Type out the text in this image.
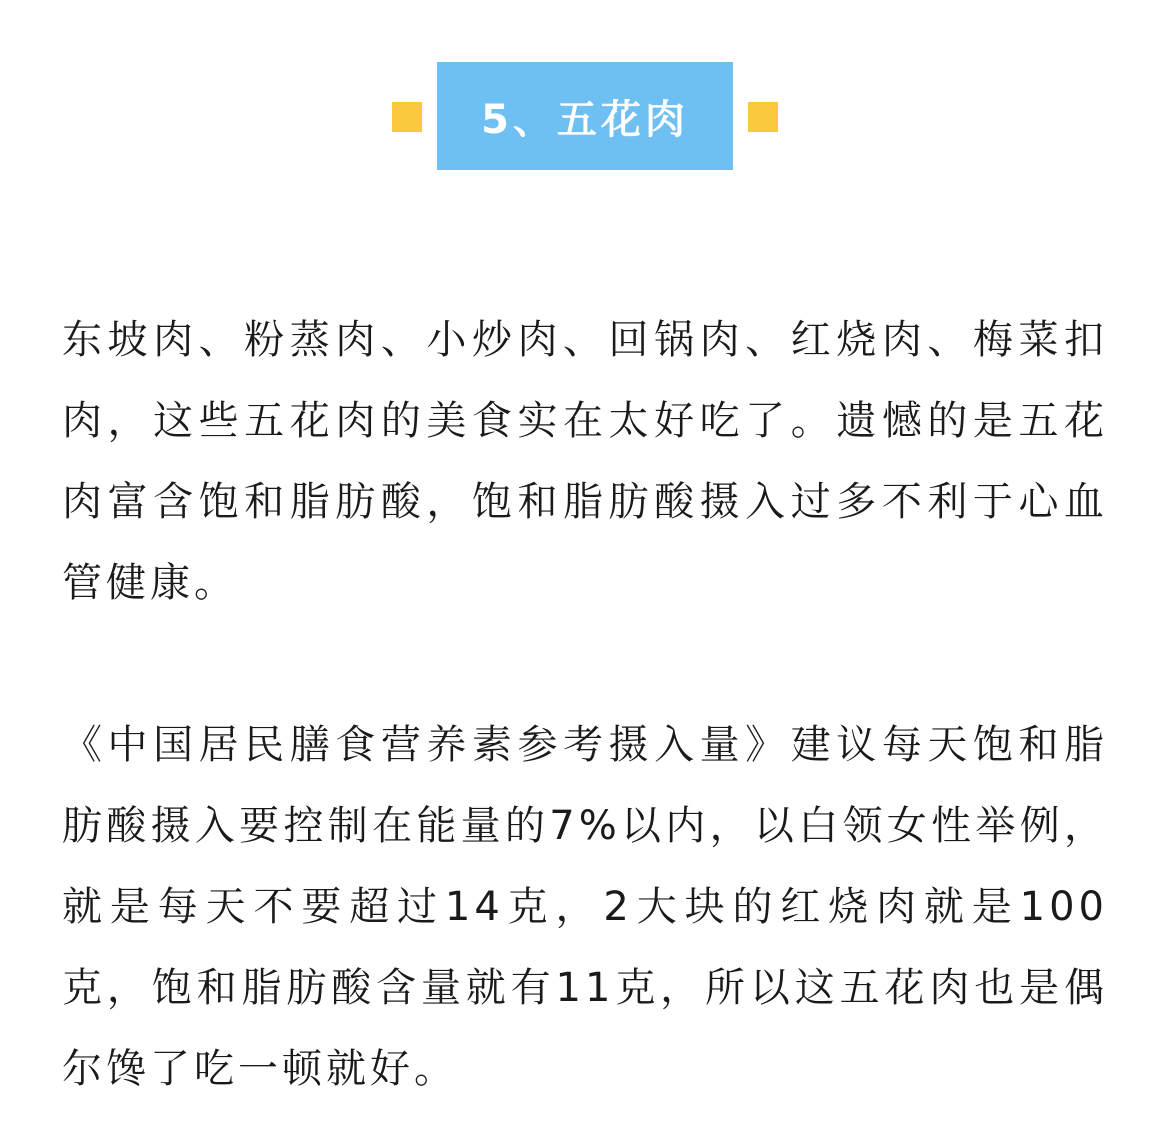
5、五花肉

东坡肉、粉蒸肉、小炒肉、回锅肉、红烧肉、梅菜扣肉，这些五花肉的美食实在太好吃了。遗憾的是五花肉富含饱和脂肪酸，饱和脂肪酸摄入过多不利于心血管健康。

《中国居民膳食营养素参考摄入量》建议每天饱和脂肪酸摄入要控制在能量的7%以内，以白领女性举例，就是每天不要超过14克，2大块的红烧肉就是100克，饱和脂肪酸含量就有11克，所以这五花肉也是偶尔馋了吃一顿就好。
